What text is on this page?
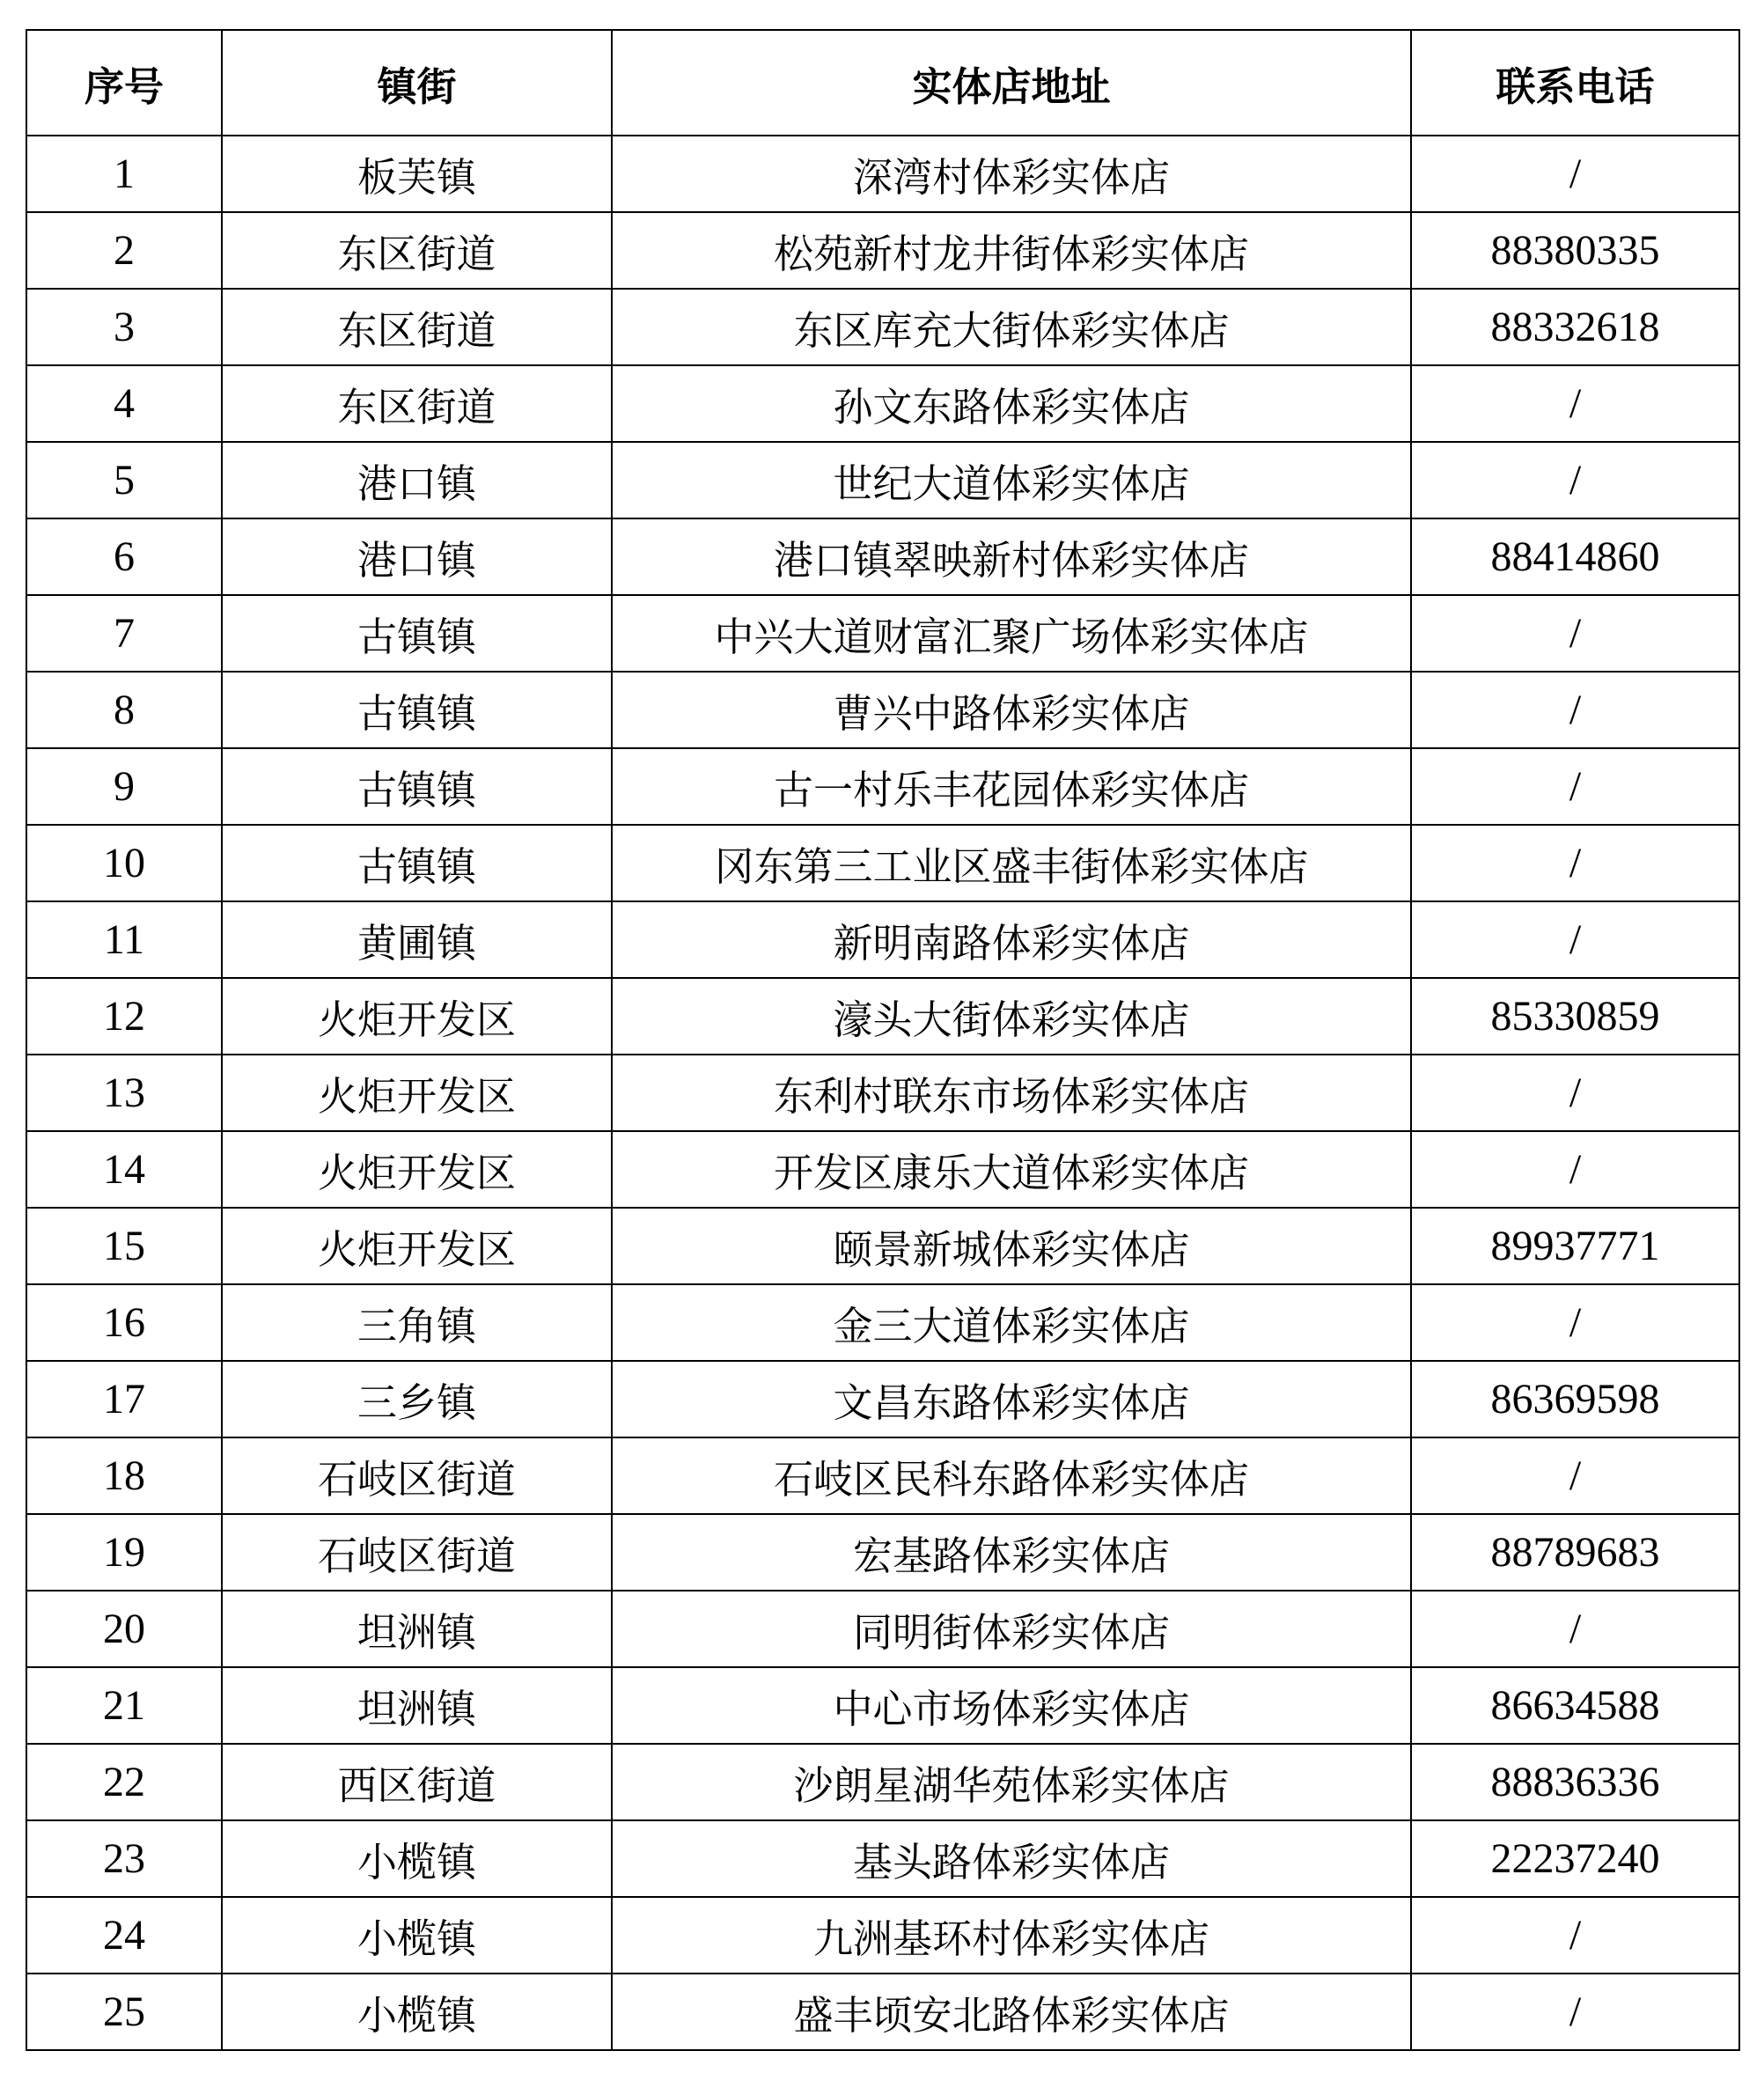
序号	镇街	实体店地址	联系电话
1	板芙镇	深湾村体彩实体店	/
2	东区街道	松苑新村龙井街体彩实体店	88380335
3	东区街道	东区库充大街体彩实体店	88332618
4	东区街道	孙文东路体彩实体店	/
5	港口镇	世纪大道体彩实体店	/
6	港口镇	港口镇翠映新村体彩实体店	88414860
7	古镇镇	中兴大道财富汇聚广场体彩实体店	/
8	古镇镇	曹兴中路体彩实体店	/
9	古镇镇	古一村乐丰花园体彩实体店	/
10	古镇镇	冈东第三工业区盛丰街体彩实体店	/
11	黄圃镇	新明南路体彩实体店	/
12	火炬开发区	濠头大街体彩实体店	85330859
13	火炬开发区	东利村联东市场体彩实体店	/
14	火炬开发区	开发区康乐大道体彩实体店	/
15	火炬开发区	颐景新城体彩实体店	89937771
16	三角镇	金三大道体彩实体店	/
17	三乡镇	文昌东路体彩实体店	86369598
18	石岐区街道	石岐区民科东路体彩实体店	/
19	石岐区街道	宏基路体彩实体店	88789683
20	坦洲镇	同明街体彩实体店	/
21	坦洲镇	中心市场体彩实体店	86634588
22	西区街道	沙朗星湖华苑体彩实体店	88836336
23	小榄镇	基头路体彩实体店	22237240
24	小榄镇	九洲基环村体彩实体店	/
25	小榄镇	盛丰顷安北路体彩实体店	/
